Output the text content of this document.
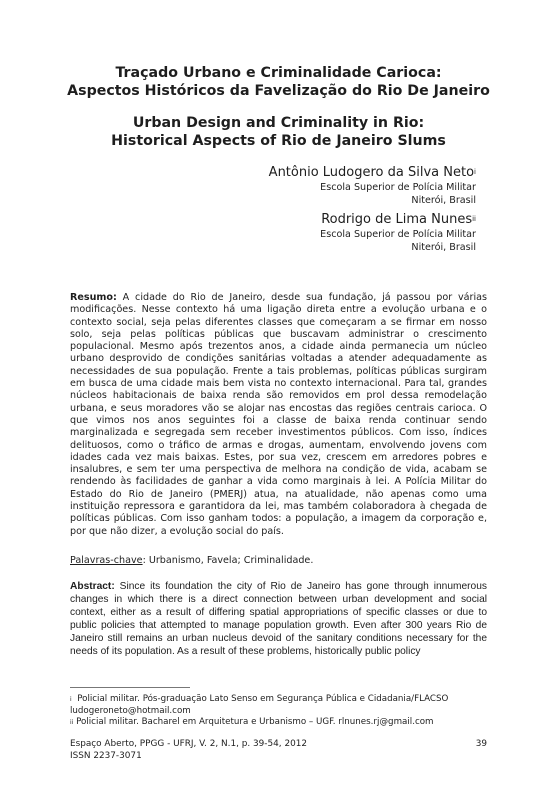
Traçado Urbano e Criminalidade Carioca:
Aspectos Históricos da Favelização do Rio De Janeiro
Urban Design and Criminality in Rio:
Historical Aspects of Rio de Janeiro Slums
Antônio Ludogero da Silva Neto$^i$
Escola Superior de Polícia Militar
Niterói, Brasil
Rodrigo de Lima Nunes$^{ii}$
Escola Superior de Polícia Militar
Niterói, Brasil
Resumo: A cidade do Rio de Janeiro, desde sua fundação, já passou por várias modificações. Nesse contexto há uma ligação direta entre a evolução urbana e o contexto social, seja pelas diferentes classes que começaram a se firmar em nosso solo, seja pelas políticas públicas que buscavam administrar o crescimento populacional. Mesmo após trezentos anos, a cidade ainda permanecia um núcleo urbano desprovido de condições sanitárias voltadas a atender adequadamente as necessidades de sua população. Frente a tais problemas, políticas públicas surgiram em busca de uma cidade mais bem vista no contexto internacional. Para tal, grandes núcleos habitacionais de baixa renda são removidos em prol dessa remodelação urbana, e seus moradores vão se alojar nas encostas das regiões centrais carioca. O que vimos nos anos seguintes foi a classe de baixa renda continuar sendo marginalizada e segregada sem receber investimentos públicos. Com isso, índices delituosos, como o tráfico de armas e drogas, aumentam, envolvendo jovens com idades cada vez mais baixas. Estes, por sua vez, crescem em arredores pobres e insalubres, e sem ter uma perspectiva de melhora na condição de vida, acabam se rendendo às facilidades de ganhar a vida como marginais à lei. A Polícia Militar do Estado do Rio de Janeiro (PMERJ) atua, na atualidade, não apenas como uma instituição repressora e garantidora da lei, mas também colaboradora à chegada de políticas públicas. Com isso ganham todos: a população, a imagem da corporação e, por que não dizer, a evolução social do país.
Palavras-chave: Urbanismo, Favela; Criminalidade.
Abstract: Since its foundation the city of Rio de Janeiro has gone through innumerous changes in which there is a direct connection between urban development and social context, either as a result of differing spatial appropriations of specific classes or due to public policies that attempted to manage population growth. Even after 300 years Rio de Janeiro still remains an urban nucleus devoid of the sanitary conditions necessary for the needs of its population. As a result of these problems, historically public policy
$^i$ Policial militar. Pós-graduação Lato Senso em Segurança Pública e Cidadania/FLACSO
ludogeroneto@hotmail.com
$^{ii}$ Policial militar. Bacharel em Arquitetura e Urbanismo – UGF. rlnunes.rj@gmail.com
Espaço Aberto, PPGG - UFRJ, V. 2, N.1, p. 39-54, 2012	39
ISSN 2237-3071
